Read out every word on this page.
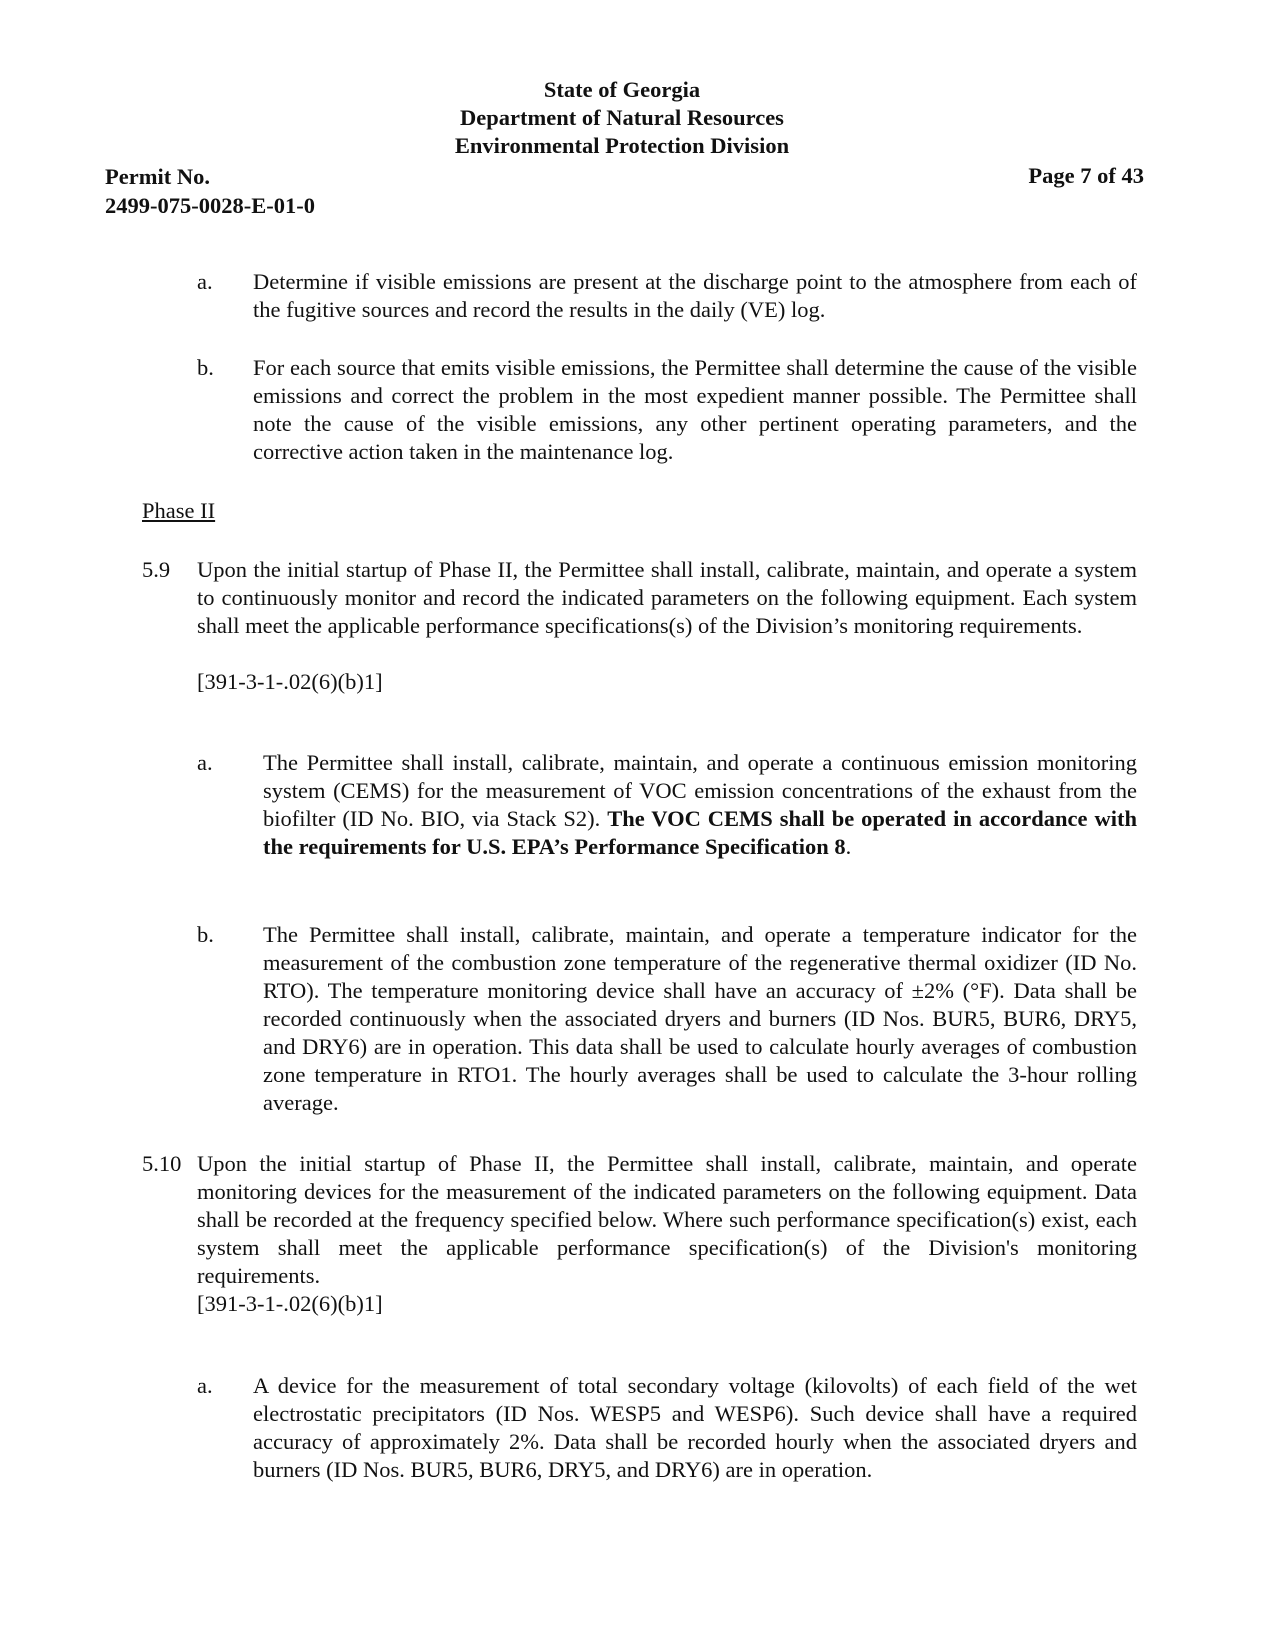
State of Georgia
Department of Natural Resources
Environmental Protection Division
Permit No.
2499-075-0028-E-01-0
Page 7 of 43
a. Determine if visible emissions are present at the discharge point to the atmosphere from each of the fugitive sources and record the results in the daily (VE) log.
b. For each source that emits visible emissions, the Permittee shall determine the cause of the visible emissions and correct the problem in the most expedient manner possible. The Permittee shall note the cause of the visible emissions, any other pertinent operating parameters, and the corrective action taken in the maintenance log.
Phase II
5.9 Upon the initial startup of Phase II, the Permittee shall install, calibrate, maintain, and operate a system to continuously monitor and record the indicated parameters on the following equipment. Each system shall meet the applicable performance specifications(s) of the Division’s monitoring requirements.
[391-3-1-.02(6)(b)1]
a. The Permittee shall install, calibrate, maintain, and operate a continuous emission monitoring system (CEMS) for the measurement of VOC emission concentrations of the exhaust from the biofilter (ID No. BIO, via Stack S2). The VOC CEMS shall be operated in accordance with the requirements for U.S. EPA’s Performance Specification 8.
b. The Permittee shall install, calibrate, maintain, and operate a temperature indicator for the measurement of the combustion zone temperature of the regenerative thermal oxidizer (ID No. RTO). The temperature monitoring device shall have an accuracy of ±2% (°F). Data shall be recorded continuously when the associated dryers and burners (ID Nos. BUR5, BUR6, DRY5, and DRY6) are in operation. This data shall be used to calculate hourly averages of combustion zone temperature in RTO1. The hourly averages shall be used to calculate the 3-hour rolling average.
5.10 Upon the initial startup of Phase II, the Permittee shall install, calibrate, maintain, and operate monitoring devices for the measurement of the indicated parameters on the following equipment. Data shall be recorded at the frequency specified below. Where such performance specification(s) exist, each system shall meet the applicable performance specification(s) of the Division's monitoring requirements.
[391-3-1-.02(6)(b)1]
a. A device for the measurement of total secondary voltage (kilovolts) of each field of the wet electrostatic precipitators (ID Nos. WESP5 and WESP6). Such device shall have a required accuracy of approximately 2%. Data shall be recorded hourly when the associated dryers and burners (ID Nos. BUR5, BUR6, DRY5, and DRY6) are in operation.
